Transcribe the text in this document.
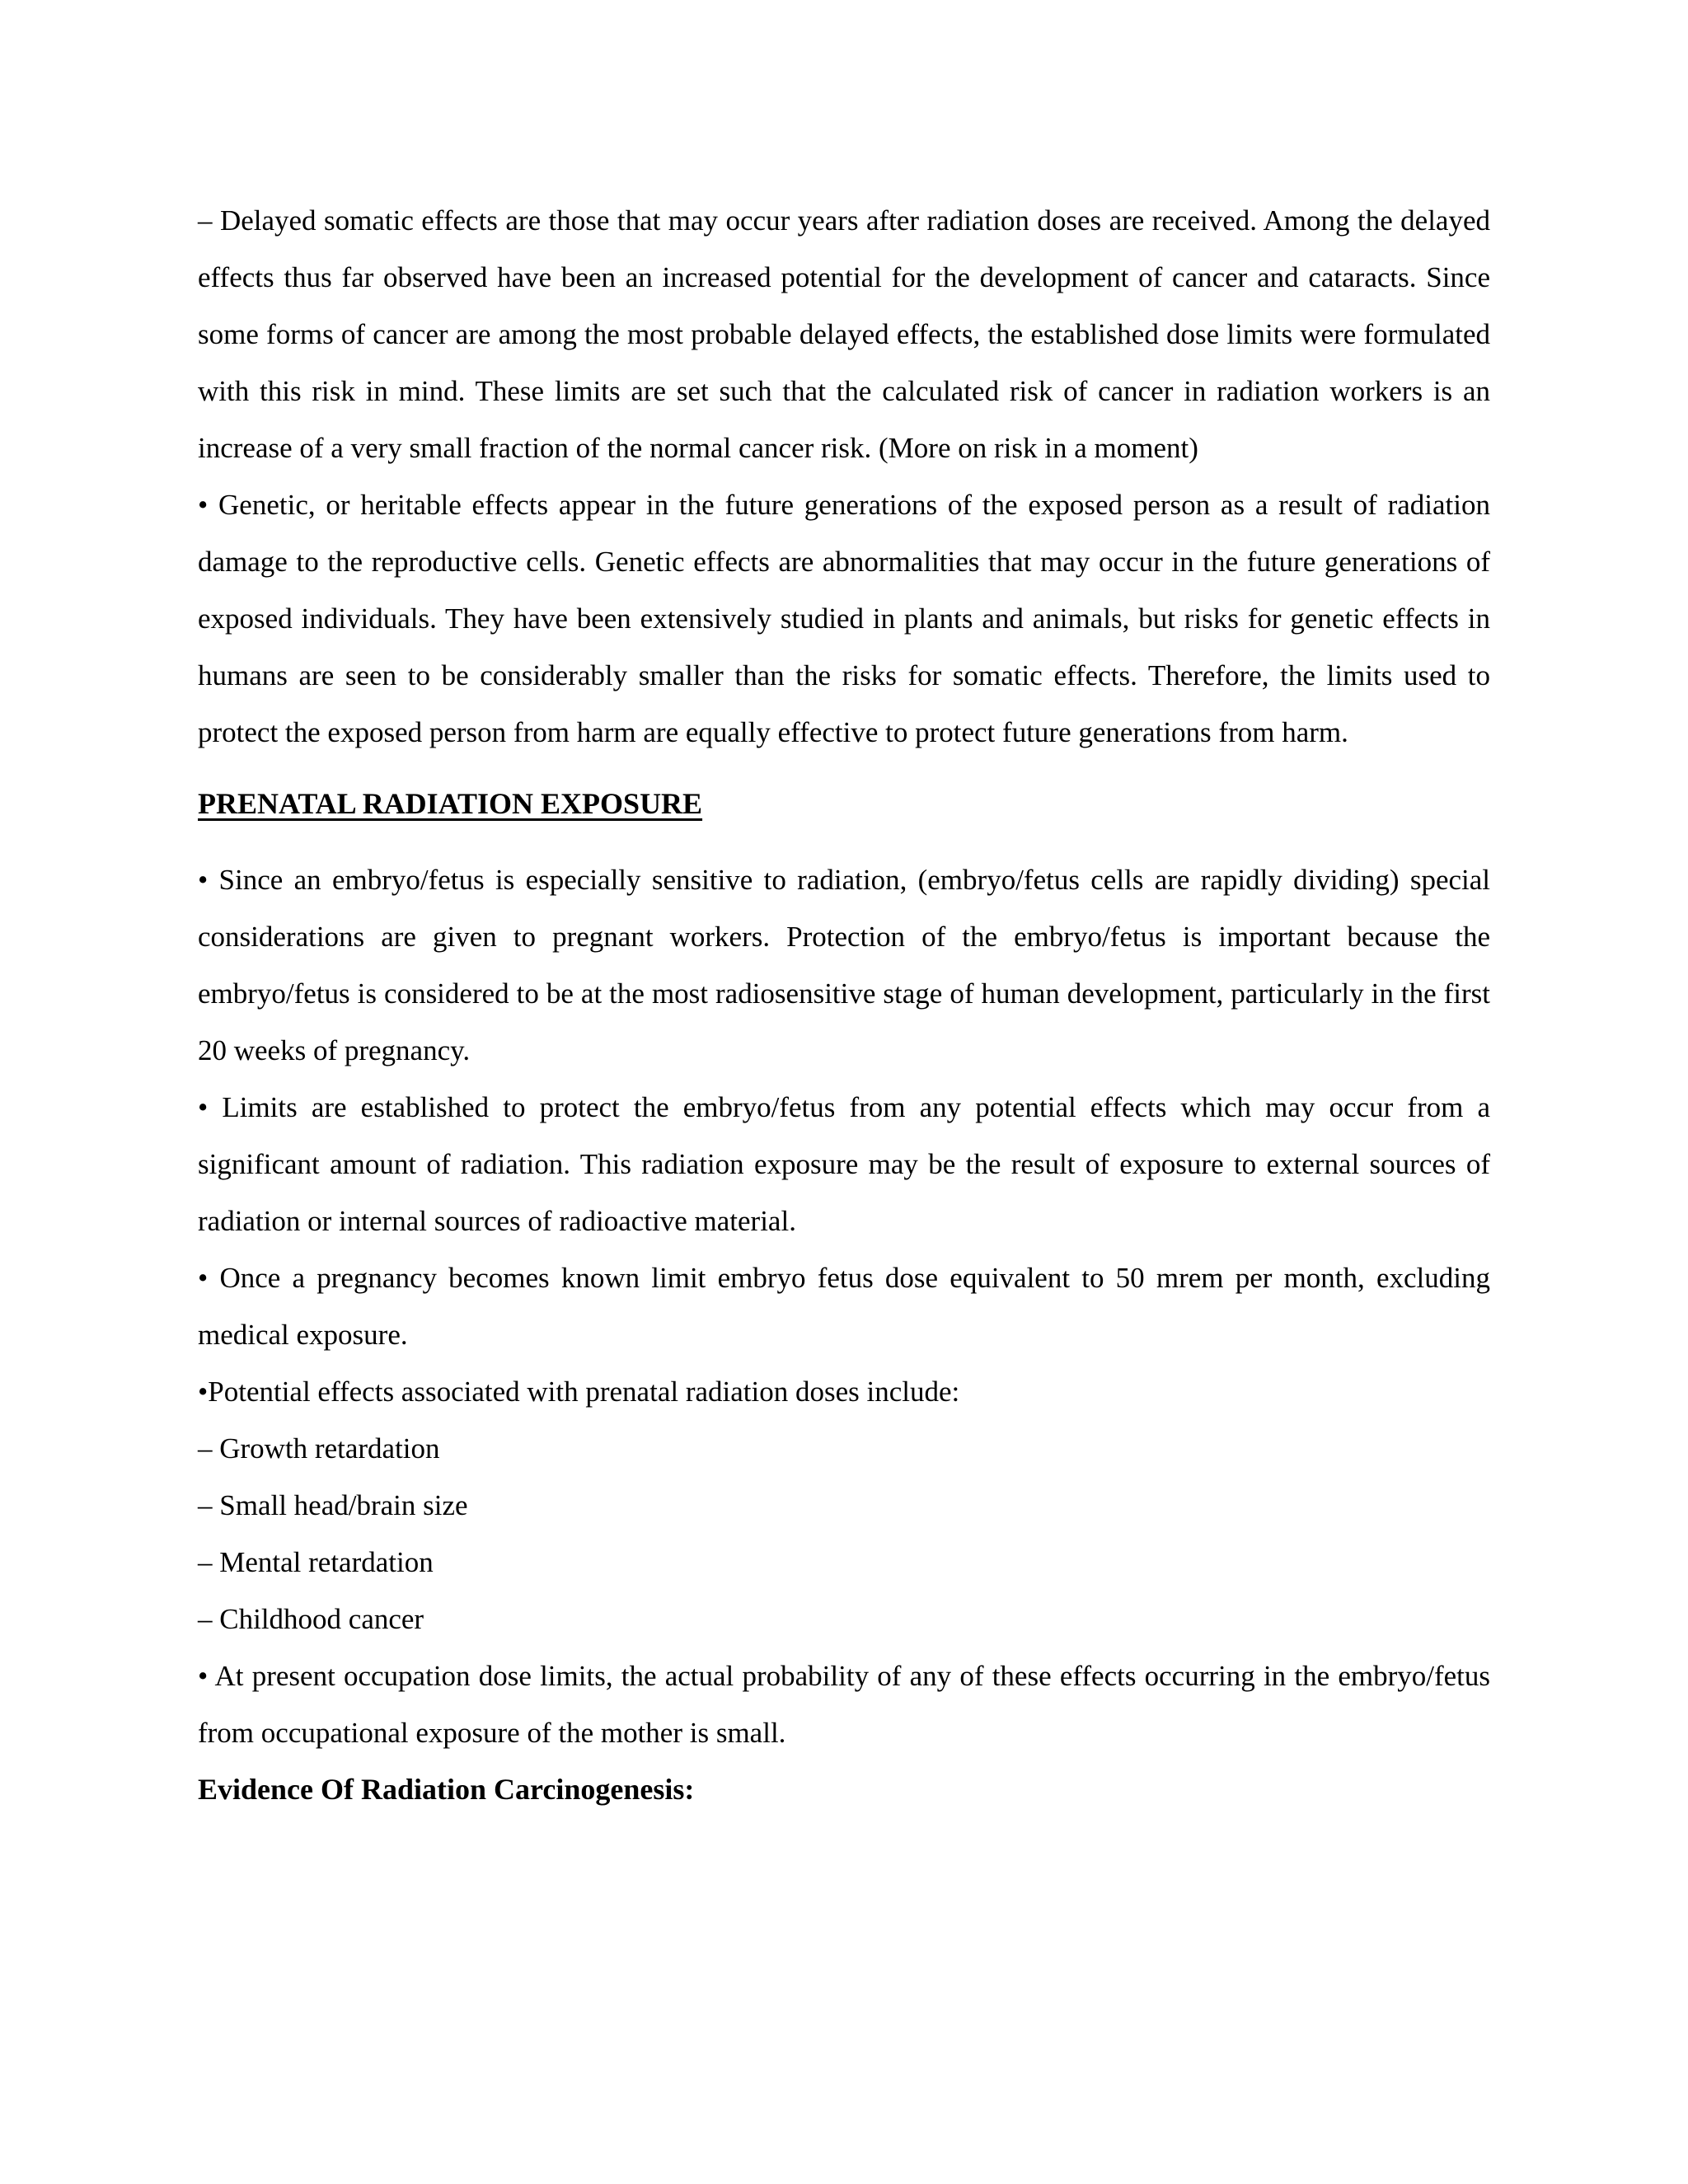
– Delayed somatic effects are those that may occur years after radiation doses are received. Among the delayed effects thus far observed have been an increased potential for the development of cancer and cataracts. Since some forms of cancer are among the most probable delayed effects, the established dose limits were formulated with this risk in mind. These limits are set such that the calculated risk of cancer in radiation workers is an increase of a very small fraction of the normal cancer risk. (More on risk in a moment)

• Genetic, or heritable effects appear in the future generations of the exposed person as a result of radiation damage to the reproductive cells. Genetic effects are abnormalities that may occur in the future generations of exposed individuals. They have been extensively studied in plants and animals, but risks for genetic effects in humans are seen to be considerably smaller than the risks for somatic effects. Therefore, the limits used to protect the exposed person from harm are equally effective to protect future generations from harm.

PRENATAL RADIATION EXPOSURE

• Since an embryo/fetus is especially sensitive to radiation, (embryo/fetus cells are rapidly dividing) special considerations are given to pregnant workers. Protection of the embryo/fetus is important because the embryo/fetus is considered to be at the most radiosensitive stage of human development, particularly in the first 20 weeks of pregnancy.

• Limits are established to protect the embryo/fetus from any potential effects which may occur from a significant amount of radiation. This radiation exposure may be the result of exposure to external sources of radiation or internal sources of radioactive material.

• Once a pregnancy becomes known limit embryo fetus dose equivalent to 50 mrem per month, excluding medical exposure.

•Potential effects associated with prenatal radiation doses include:

– Growth retardation

– Small head/brain size

– Mental retardation

– Childhood cancer

• At present occupation dose limits, the actual probability of any of these effects occurring in the embryo/fetus from occupational exposure of the mother is small.

Evidence Of Radiation Carcinogenesis:
